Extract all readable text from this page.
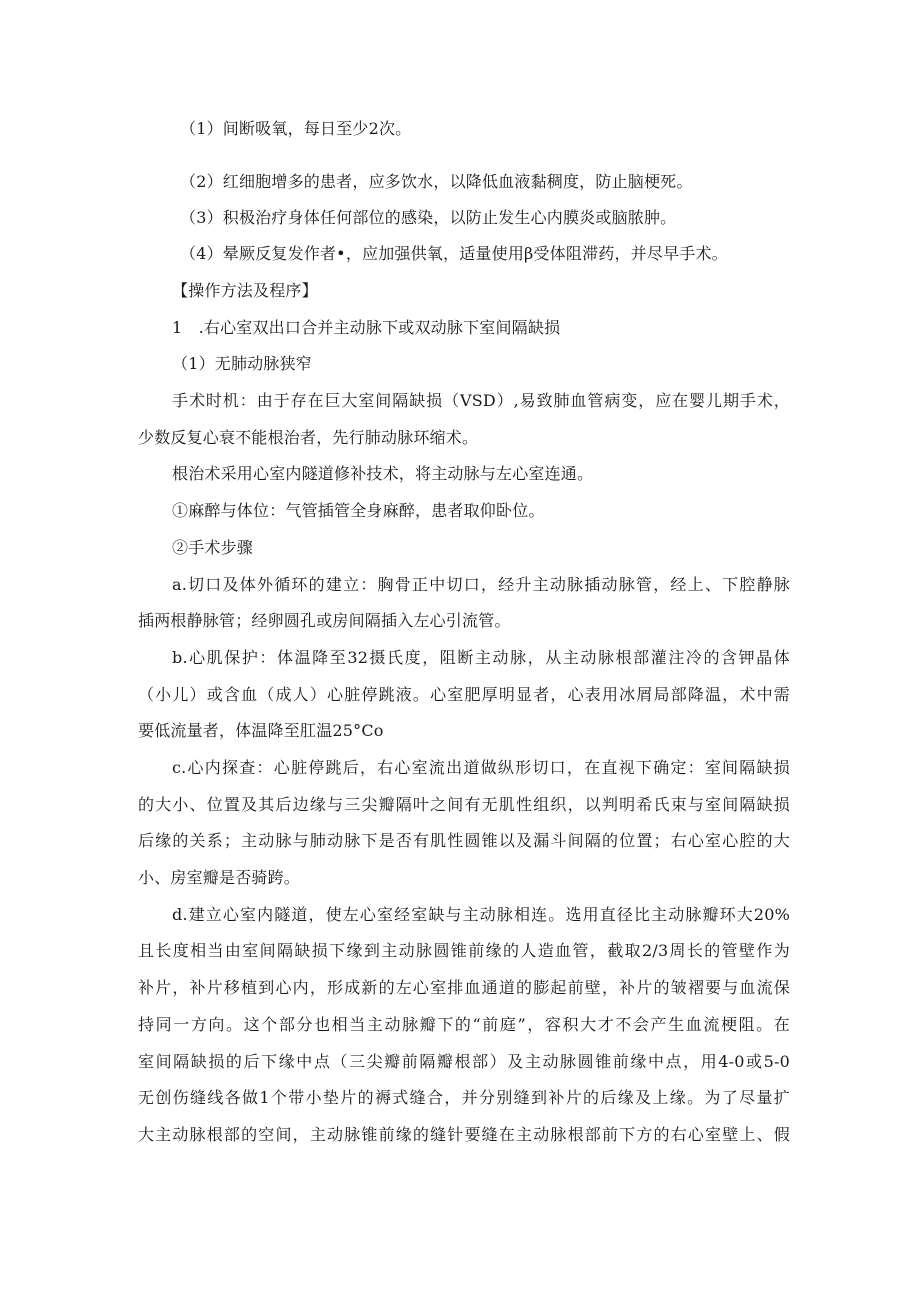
（1）间断吸氧，每日至少2次。
（2）红细胞增多的患者，应多饮水，以降低血液黏稠度，防止脑梗死。
（3）积极治疗身体任何部位的感染，以防止发生心内膜炎或脑脓肿。
（4）晕厥反复发作者•，应加强供氧，适量使用β受体阻滞药，并尽早手术。
【操作方法及程序】
1　.右心室双出口合并主动脉下或双动脉下室间隔缺损
（1）无肺动脉狭窄
手术时机：由于存在巨大室间隔缺损（VSD）,易致肺血管病变，应在婴儿期手术，
少数反复心衰不能根治者，先行肺动脉环缩术。
根治术采用心室内隧道修补技术，将主动脉与左心室连通。
①麻醉与体位：气管插管全身麻醉，患者取仰卧位。
②手术步骤
a.切口及体外循环的建立：胸骨正中切口，经升主动脉插动脉管，经上、下腔静脉
插两根静脉管；经卵圆孔或房间隔插入左心引流管。
b.心肌保护：体温降至32摄氏度，阻断主动脉，从主动脉根部灌注冷的含钾晶体
（小儿）或含血（成人）心脏停跳液。心室肥厚明显者，心表用冰屑局部降温，术中需
要低流量者，体温降至肛温25°Co
c.心内探查：心脏停跳后，右心室流出道做纵形切口，在直视下确定：室间隔缺损
的大小、位置及其后边缘与三尖瓣隔叶之间有无肌性组织，以判明希氏束与室间隔缺损
后缘的关系；主动脉与肺动脉下是否有肌性圆锥以及漏斗间隔的位置；右心室心腔的大
小、房室瓣是否骑跨。
d.建立心室内隧道，使左心室经室缺与主动脉相连。选用直径比主动脉瓣环大20%
且长度相当由室间隔缺损下缘到主动脉圆锥前缘的人造血管，截取2/3周长的管壁作为
补片，补片移植到心内，形成新的左心室排血通道的膨起前壁，补片的皱褶要与血流保
持同一方向。这个部分也相当主动脉瓣下的“前庭”，容积大才不会产生血流梗阻。在
室间隔缺损的后下缘中点（三尖瓣前隔瓣根部）及主动脉圆锥前缘中点，用4-0或5-0
无创伤缝线各做1个带小垫片的褥式缝合，并分别缝到补片的后缘及上缘。为了尽量扩
大主动脉根部的空间，主动脉锥前缘的缝针要缝在主动脉根部前下方的右心室壁上、假
